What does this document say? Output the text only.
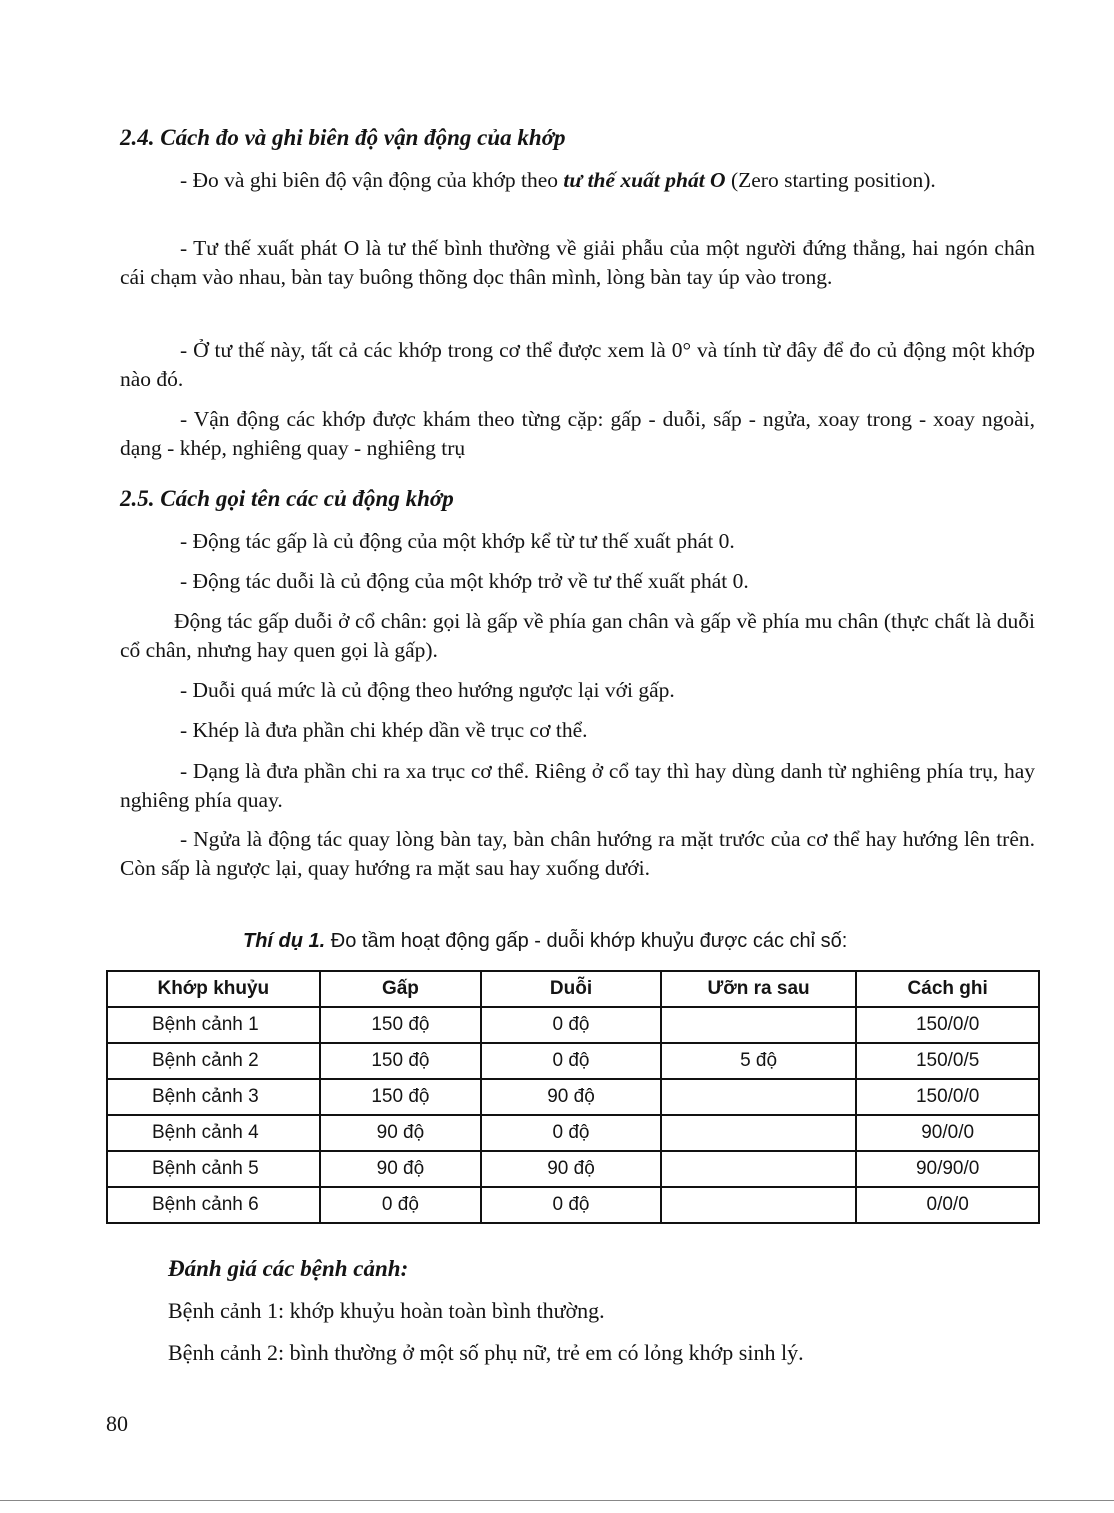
2.4. Cách đo và ghi biên độ vận động của khớp
- Đo và ghi biên độ vận động của khớp theo tư thế xuất phát O (Zero starting position).
- Tư thế xuất phát O là tư thế bình thường về giải phẫu của một người đứng thẳng, hai ngón chân cái chạm vào nhau, bàn tay buông thõng dọc thân mình, lòng bàn tay úp vào trong.
- Ở tư thế này, tất cả các khớp trong cơ thể được xem là 0° và tính từ đây để đo củ động một khớp nào đó.
- Vận động các khớp được khám theo từng cặp: gấp - duỗi, sấp - ngửa, xoay trong - xoay ngoài, dạng - khép, nghiêng quay - nghiêng trụ
2.5. Cách gọi tên các củ động khớp
- Động tác gấp là củ động của một khớp kể từ tư thế xuất phát 0.
- Động tác duỗi là củ động của một khớp trở về tư thế xuất phát 0.
Động tác gấp duỗi ở cổ chân: gọi là gấp về phía gan chân và gấp về phía mu chân (thực chất là duỗi cổ chân, nhưng hay quen gọi là gấp).
- Duỗi quá mức là củ động theo hướng ngược lại với gấp.
- Khép là đưa phần chi khép dần về trục cơ thể.
- Dạng là đưa phần chi ra xa trục cơ thể. Riêng ở cổ tay thì hay dùng danh từ nghiêng phía trụ, hay nghiêng phía quay.
- Ngửa là động tác quay lòng bàn tay, bàn chân hướng ra mặt trước của cơ thể hay hướng lên trên. Còn sấp là ngược lại, quay hướng ra mặt sau hay xuống dưới.
Thí dụ 1. Đo tầm hoạt động gấp - duỗi khớp khuỷu được các chỉ số:
Khớp khuỷu	Gấp	Duỗi	Ưỡn ra sau	Cách ghi
Bệnh cảnh 1	150 độ	0 độ		150/0/0
Bệnh cảnh 2	150 độ	0 độ	5 độ	150/0/5
Bệnh cảnh 3	150 độ	90 độ		150/0/0
Bệnh cảnh 4	90 độ	0 độ		90/0/0
Bệnh cảnh 5	90 độ	90 độ		90/90/0
Bệnh cảnh 6	0 độ	0 độ		0/0/0
Đánh giá các bệnh cảnh:
Bệnh cảnh 1: khớp khuỷu hoàn toàn bình thường.
Bệnh cảnh 2: bình thường ở một số phụ nữ, trẻ em có lỏng khớp sinh lý.
80
